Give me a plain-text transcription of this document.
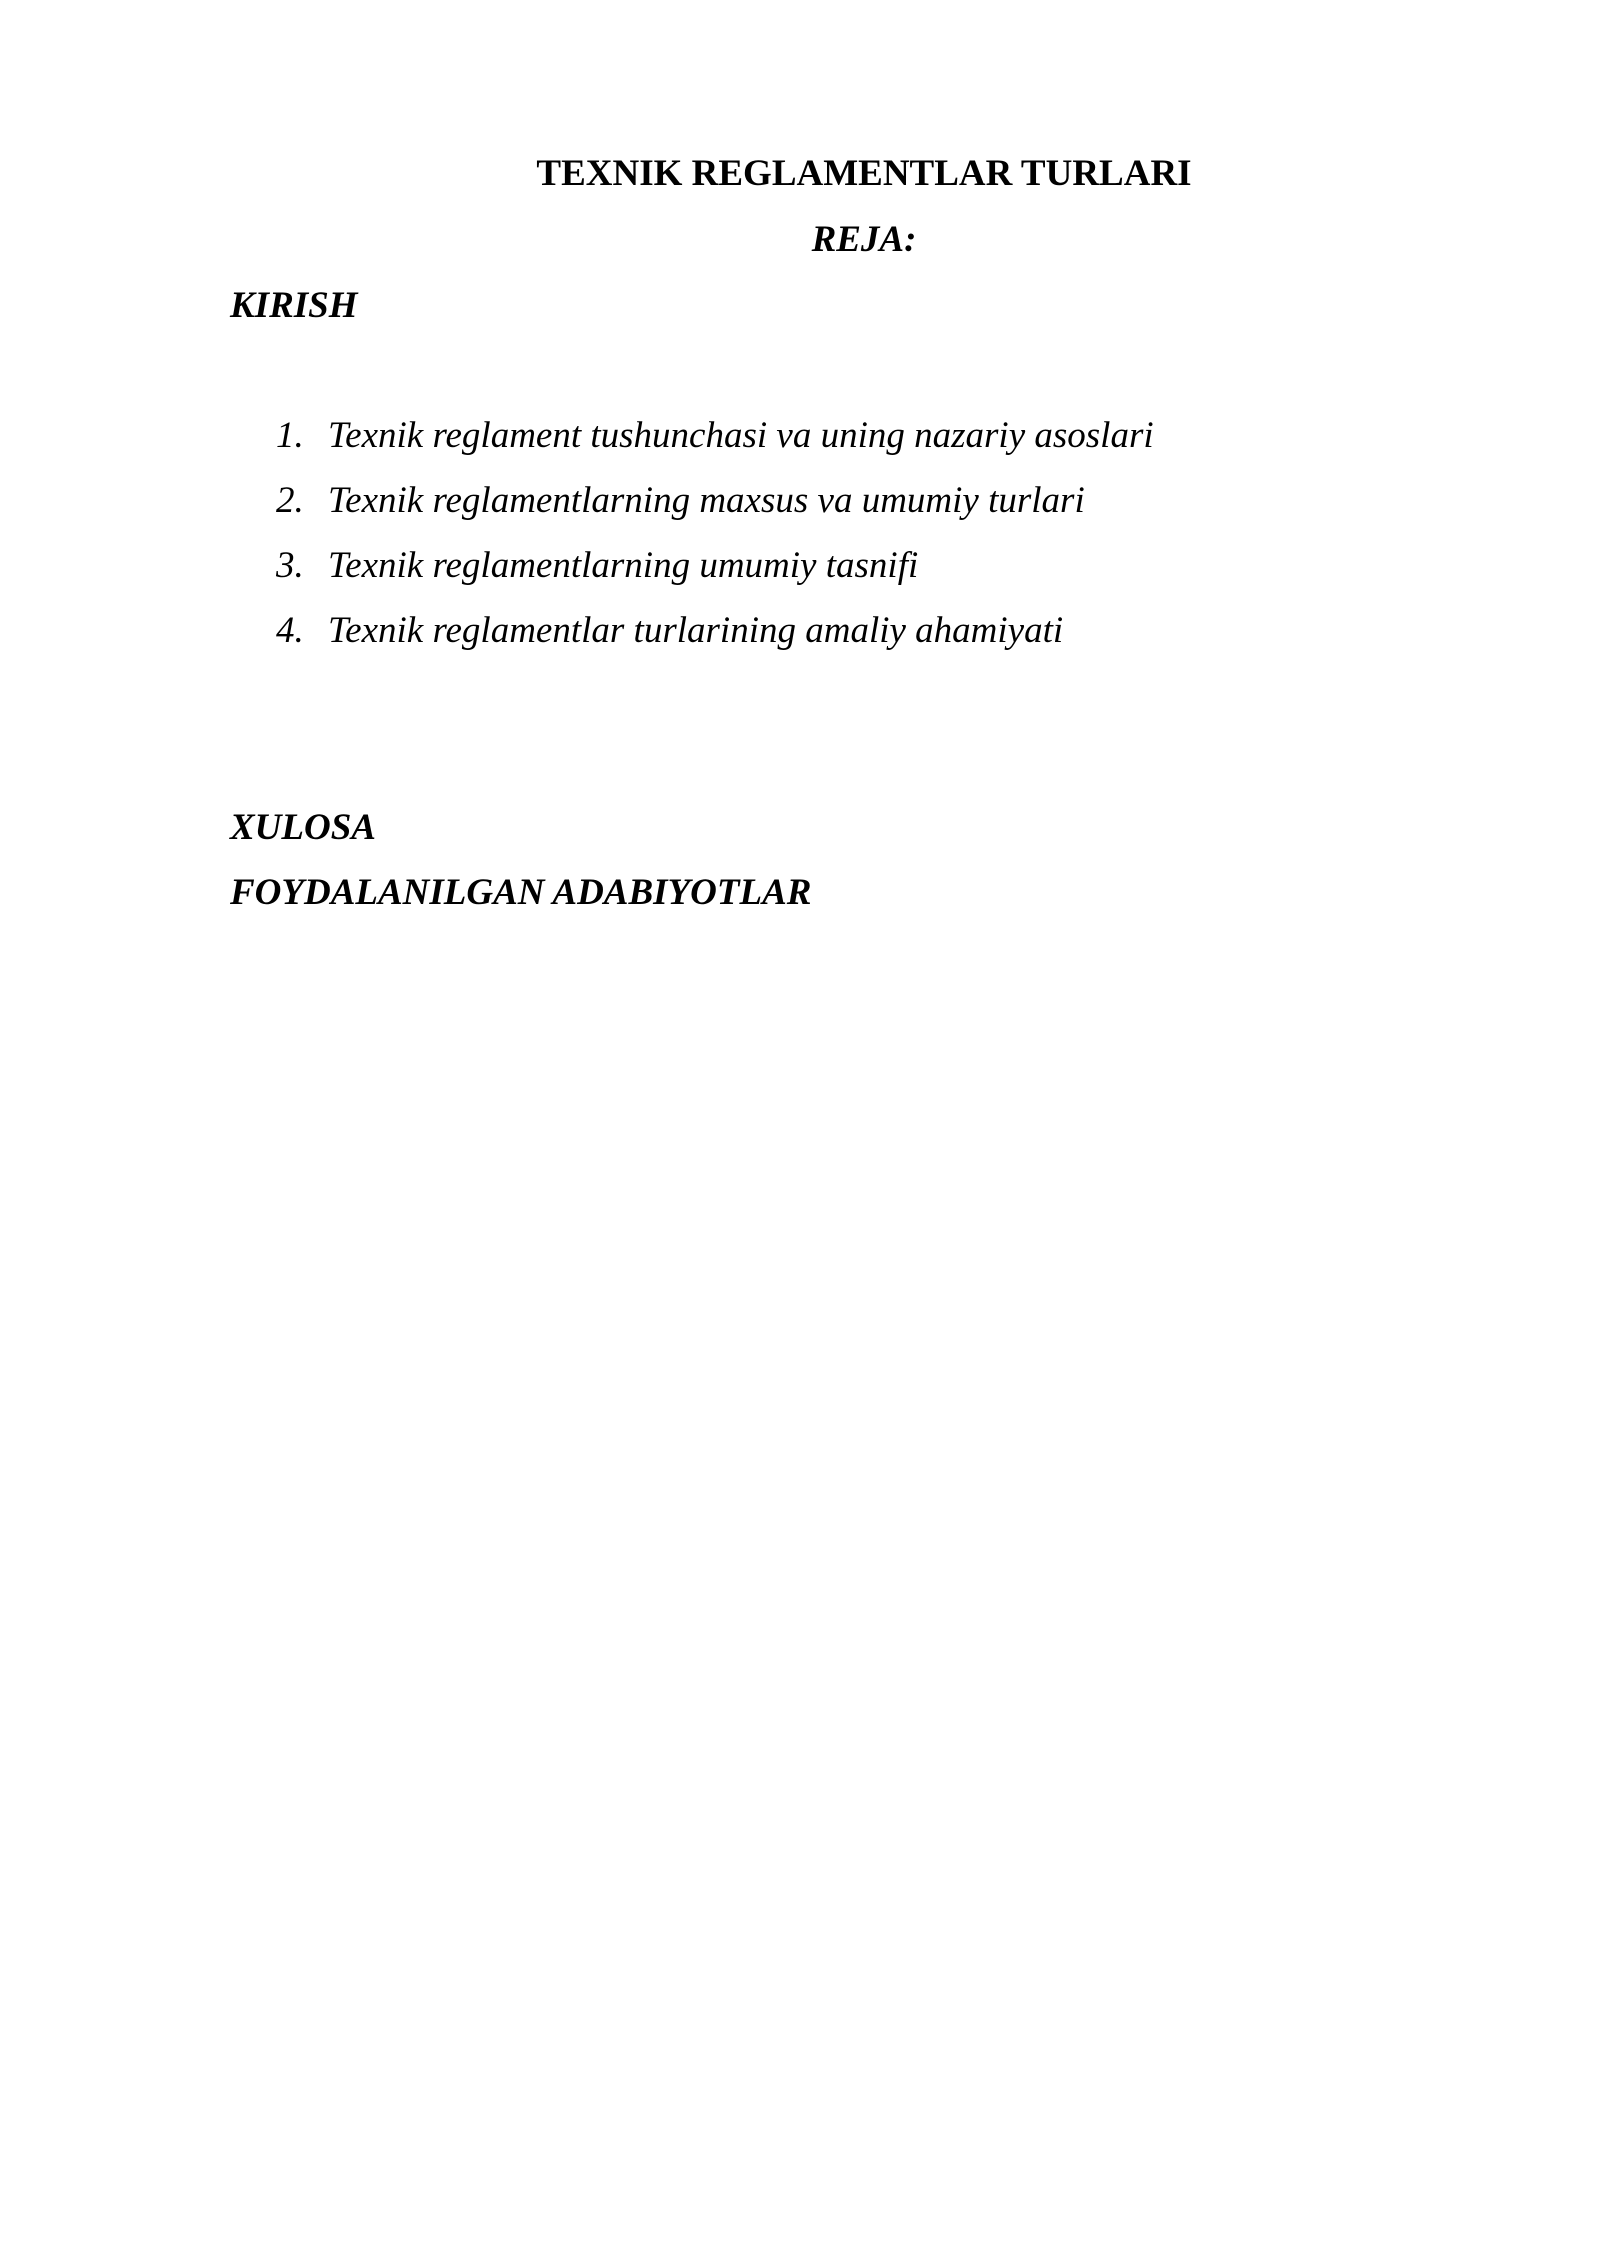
TEXNIK REGLAMENTLAR TURLARI
REJA:
KIRISH
1. Texnik reglament tushunchasi va uning nazariy asoslari
2. Texnik reglamentlarning maxsus va umumiy turlari
3. Texnik reglamentlarning umumiy tasnifi
4. Texnik reglamentlar turlarining amaliy ahamiyati
XULOSA
FOYDALANILGAN ADABIYOTLAR
